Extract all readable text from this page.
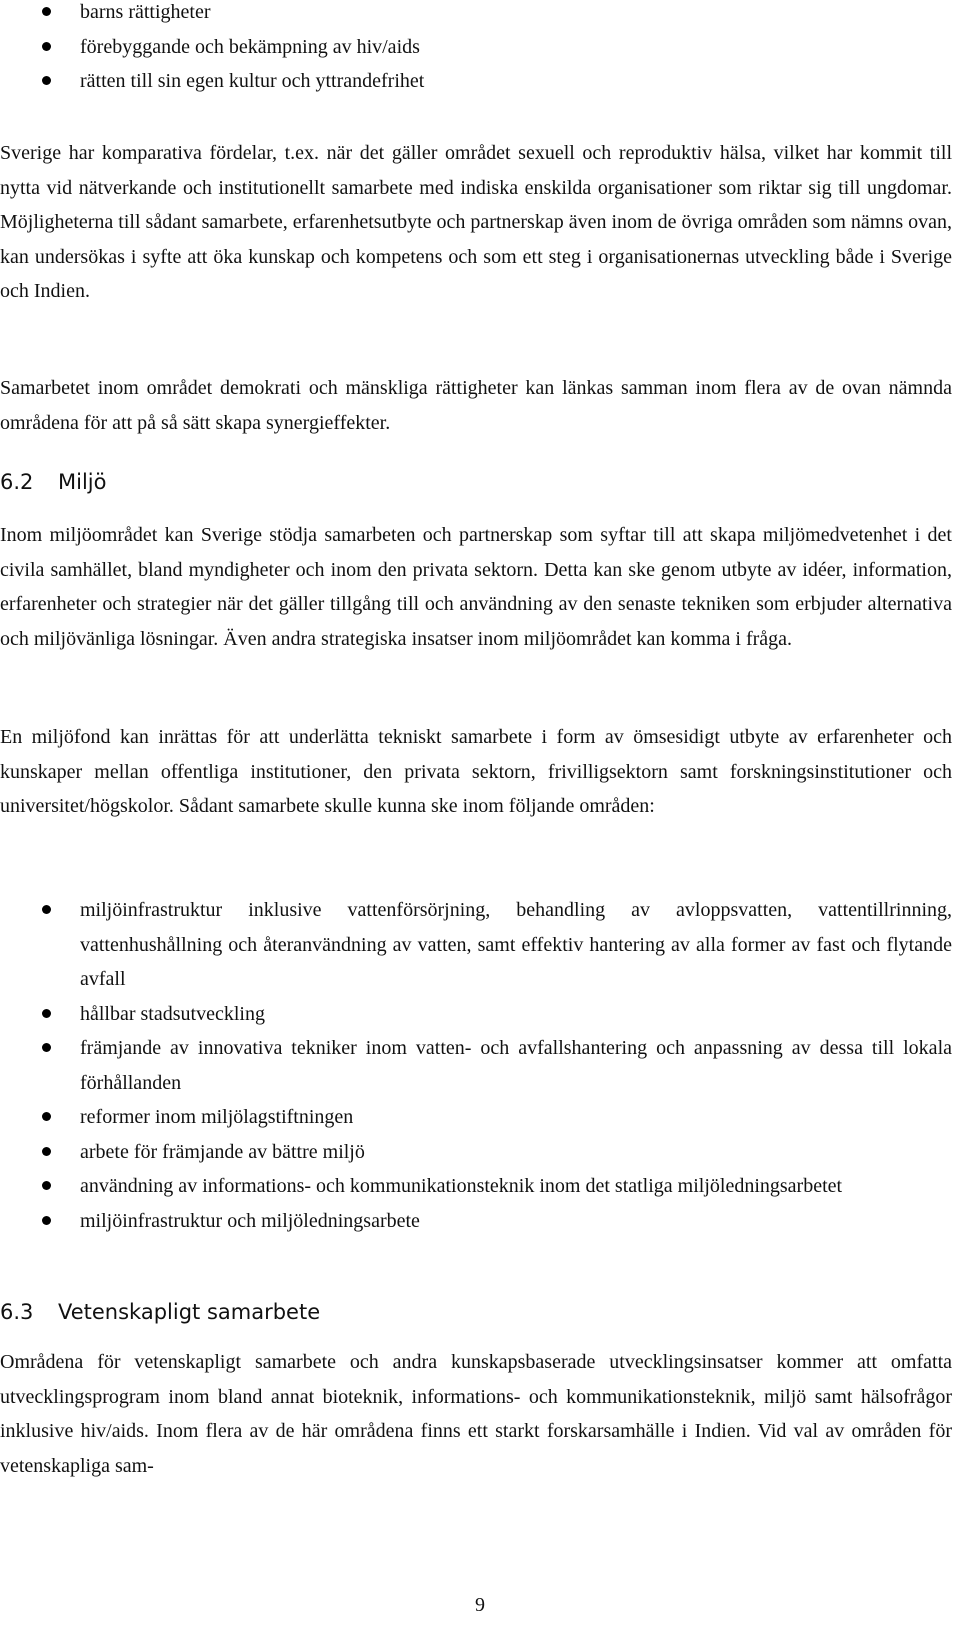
barns rättigheter
förebyggande och bekämpning av hiv/aids
rätten till sin egen kultur och yttrandefrihet

Sverige har komparativa fördelar, t.ex. när det gäller området sexuell och reproduktiv hälsa, vilket har kommit till nytta vid nätverkande och institutionellt samarbete med indiska enskilda organisationer som riktar sig till ungdomar. Möjligheterna till sådant samarbete, erfarenhetsutbyte och partnerskap även inom de övriga områden som nämns ovan, kan undersökas i syfte att öka kunskap och kompetens och som ett steg i organisationernas utveckling både i Sverige och Indien.

Samarbetet inom området demokrati och mänskliga rättigheter kan länkas samman inom flera av de ovan nämnda områdena för att på så sätt skapa synergieffekter.

6.2 Miljö

Inom miljöområdet kan Sverige stödja samarbeten och partnerskap som syftar till att skapa miljömedvetenhet i det civila samhället, bland myndigheter och inom den privata sektorn. Detta kan ske genom utbyte av idéer, information, erfarenheter och strategier när det gäller tillgång till och användning av den senaste tekniken som erbjuder alternativa och miljövänliga lösningar. Även andra strategiska insatser inom miljöområdet kan komma i fråga.

En miljöfond kan inrättas för att underlätta tekniskt samarbete i form av ömsesidigt utbyte av erfarenheter och kunskaper mellan offentliga institutioner, den privata sektorn, frivilligsektorn samt forskningsinstitutioner och universitet/högskolor. Sådant samarbete skulle kunna ske inom följande områden:

miljöinfrastruktur inklusive vattenförsörjning, behandling av avloppsvatten, vattentillrinning, vattenhushållning och återanvändning av vatten, samt effektiv hantering av alla former av fast och flytande avfall
hållbar stadsutveckling
främjande av innovativa tekniker inom vatten- och avfallshantering och anpassning av dessa till lokala förhållanden
reformer inom miljölagstiftningen
arbete för främjande av bättre miljö
användning av informations- och kommunikationsteknik inom det statliga miljöledningsarbetet
miljöinfrastruktur och miljöledningsarbete
6.3 Vetenskapligt samarbete

Områdena för vetenskapligt samarbete och andra kunskapsbaserade utvecklingsinsatser kommer att omfatta utvecklingsprogram inom bland annat bioteknik, informations- och kommunikationsteknik, miljö samt hälsofrågor inklusive hiv/aids. Inom flera av de här områdena finns ett starkt forskarsamhälle i Indien. Vid val av områden för vetenskapliga sam-

9
